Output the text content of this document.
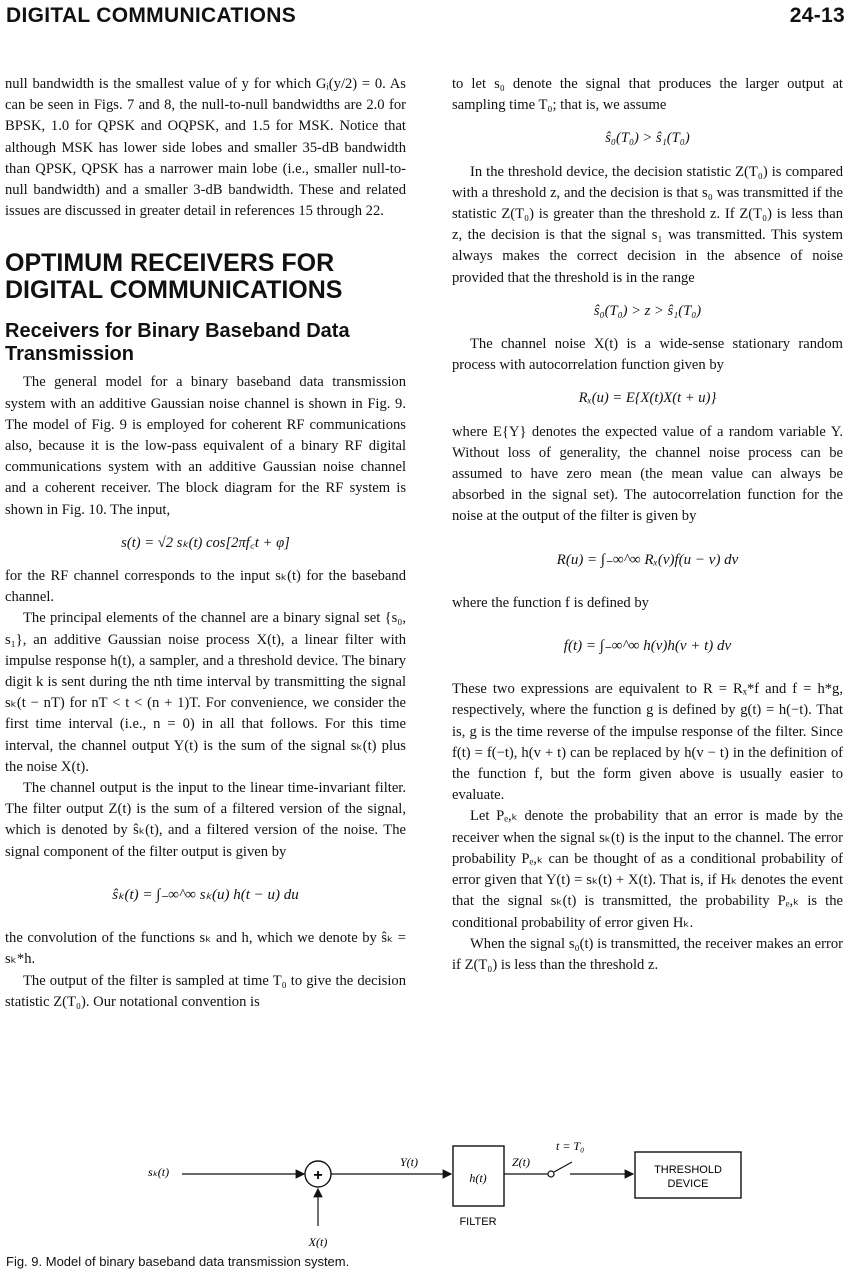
DIGITAL COMMUNICATIONS	24-13

null bandwidth is the smallest value of y for which Gᵢ(y/2) = 0. As can be seen in Figs. 7 and 8, the null-to-null bandwidths are 2.0 for BPSK, 1.0 for QPSK and OQPSK, and 1.5 for MSK. Notice that although MSK has lower side lobes and smaller 35-dB bandwidth than QPSK, QPSK has a narrower main lobe (i.e., smaller null-to-null bandwidth) and a smaller 3-dB bandwidth. These and related issues are discussed in greater detail in references 15 through 22.

OPTIMUM RECEIVERS FOR DIGITAL COMMUNICATIONS
Receivers for Binary Baseband Data Transmission

The general model for a binary baseband data transmission system with an additive Gaussian noise channel is shown in Fig. 9. The model of Fig. 9 is employed for coherent RF communications also, because it is the low-pass equivalent of a binary RF digital communications system with an additive Gaussian noise channel and a coherent receiver. The block diagram for the RF system is shown in Fig. 10. The input,

s(t) = √2 sₖ(t) cos[2πf꜀t + φ]

for the RF channel corresponds to the input sₖ(t) for the baseband channel.

The principal elements of the channel are a binary signal set {s₀, s₁}, an additive Gaussian noise process X(t), a linear filter with impulse response h(t), a sampler, and a threshold device. The binary digit k is sent during the nth time interval by transmitting the signal sₖ(t − nT) for nT < t < (n + 1)T. For convenience, we consider the first time interval (i.e., n = 0) in all that follows. For this time interval, the channel output Y(t) is the sum of the signal sₖ(t) plus the noise X(t).

The channel output is the input to the linear time-invariant filter. The filter output Z(t) is the sum of a filtered version of the signal, which is denoted by ŝₖ(t), and a filtered version of the noise. The signal component of the filter output is given by

ŝₖ(t) = ∫₋∞^∞ sₖ(u) h(t − u) du

the convolution of the functions sₖ and h, which we denote by ŝₖ = sₖ*h.

The output of the filter is sampled at time T₀ to give the decision statistic Z(T₀). Our notational convention is

to let s₀ denote the signal that produces the larger output at sampling time T₀; that is, we assume

ŝ₀(T₀) > ŝ₁(T₀)

In the threshold device, the decision statistic Z(T₀) is compared with a threshold z, and the decision is that s₀ was transmitted if the statistic Z(T₀) is greater than the threshold z. If Z(T₀) is less than z, the decision is that the signal s₁ was transmitted. This system always makes the correct decision in the absence of noise provided that the threshold is in the range

ŝ₀(T₀) > z > ŝ₁(T₀)

The channel noise X(t) is a wide-sense stationary random process with autocorrelation function given by

Rₓ(u) = E{X(t)X(t + u)}

where E{Y} denotes the expected value of a random variable Y. Without loss of generality, the channel noise process can be assumed to have zero mean (the mean value can always be absorbed in the signal set). The autocorrelation function for the noise at the output of the filter is given by

R(u) = ∫₋∞^∞ Rₓ(v)f(u − v) dv

where the function f is defined by

f(t) = ∫₋∞^∞ h(v)h(v + t) dv

These two expressions are equivalent to R = Rₓ*f and f = h*g, respectively, where the function g is defined by g(t) = h(−t). That is, g is the time reverse of the impulse response of the filter. Since f(t) = f(−t), h(v + t) can be replaced by h(v − t) in the definition of the function f, but the form given above is usually easier to evaluate.

Let Pₑ,ₖ denote the probability that an error is made by the receiver when the signal sₖ(t) is the input to the channel. The error probability Pₑ,ₖ can be thought of as a conditional probability of error given that Y(t) = sₖ(t) + X(t). That is, if Hₖ denotes the event that the signal sₖ(t) is transmitted, the probability Pₑ,ₖ is the conditional probability of error given Hₖ.

When the signal s₀(t) is transmitted, the receiver makes an error if Z(T₀) is less than the threshold z.

sₖ(t)	+
X(t)
Y(t)
h(t)
FILTER
Z(t)
t = T₀
THRESHOLD
DEVICE
Fig. 9. Model of binary baseband data transmission system.
